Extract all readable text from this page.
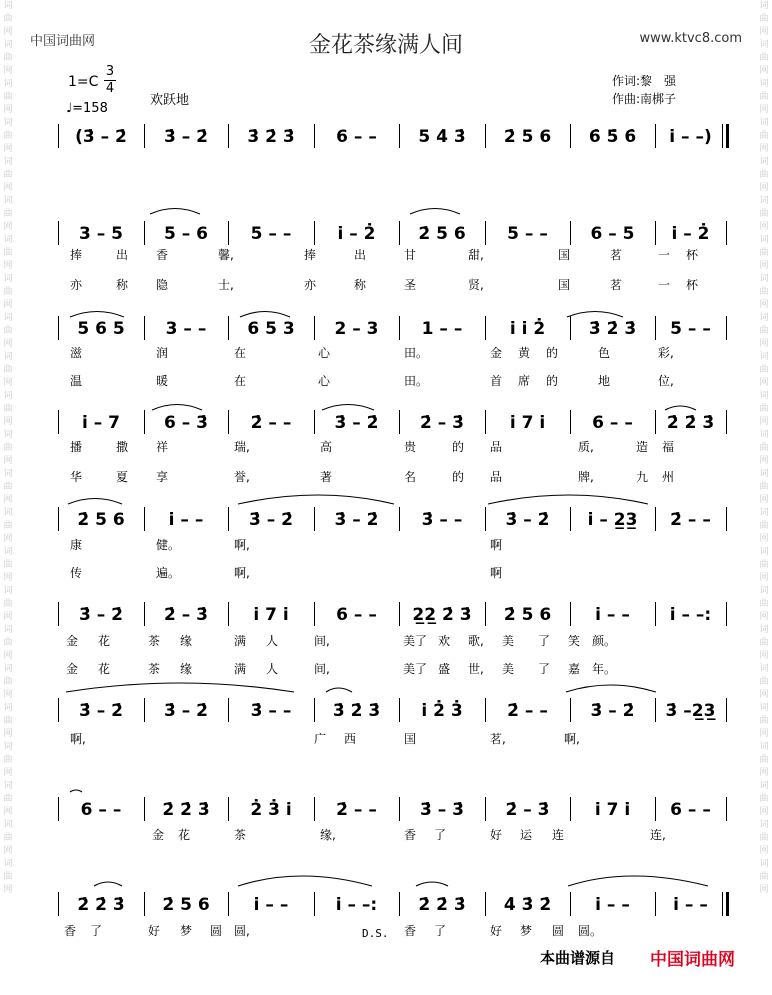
词曲网词曲网词曲网词曲网词曲网词曲网词曲网词曲网词曲网词曲网词曲网词曲网词曲网词曲网词曲网词曲网词曲网词曲网词曲网词曲网词曲网词曲网词曲网
词曲网词曲网词曲网词曲网词曲网词曲网词曲网词曲网词曲网词曲网词曲网词曲网词曲网词曲网词曲网词曲网词曲网词曲网词曲网词曲网词曲网词曲网词曲网
中国词曲网	www.ktvc8.com
金花茶缘满人间
1=C
3
4
♩=158
欢跃地
作词:黎　强
作曲:南梆子
(3̇ – 2̇	3̇ – 2̇	3̇ 2̇ 3̇	6 – –	5 4̇ 3̇	2̇ 5 6	6̇ 5̇ 6̇	i – –)
3 – 5	5 – 6	5 – –	i – 2̇	2̇ 5 6	5 – –	6 – 5	i – 2̇
5 6 5	3 – –	6 5 3	2 – 3	1 – –	i i 2̇	3̇ 2̇ 3̇	5 – –
i – 7	6 – 3̇	2̇ – –	3̇ – 2̇	2̇ – 3̇	i 7 i	6 – –	2̇ 2̇ 3̇
2̇ 5 6	i – –	3̇ – 2̇	3̇ – 2̇	3̇ – –	3̇ – 2̇	i – 2̲3̲	2̇ – –
3̇ – 2̇	2̇ – 3̇	i 7 i	6 – –	2̲2̲ 2̇ 3̇	2̇ 5 6	i – –	i – –:
3̇ – 2̇	3̇ – 2̇	3̇ – –	3̇ 2̇ 3̇	i 2̇ 3̇	2̇ – –	3̇ – 2̇	3̇ –2̲3̲
6 – –	2̇ 2̇ 3̇	2̇ 3̇ i	2̇ – –	3̇ – 3̇	2̇ – 3̇	i 7 i	6 – –
2̇ 2̇ 3̇	2̇ 5 6	i – –	i – –:	2̇ 2̇ 3̇	4̇ 3̇ 2̇	i – –	i – –
捧	出 香	馨,	捧	出	甘	甜,	国	茗	一 杯
亦	称 隐	士,	亦	称	圣	贤,	国	茗	一 杯
滋	润	在	心	田。	金 黄 的	色	彩,
温	暖	在	心	田。	首 席 的	地	位,
播	撒 祥	瑞,	高	贵	的 品	质,	造 福
华	夏 享	誉,	著	名	的 品	牌,	九 州
康	健。	啊,	啊
传	遍。	啊,	啊
金 花	茶 缘	满 人	间,	美了 欢 歌, 美 了 笑 颜。
金 花	茶 缘	满 人	间,	美了 盛 世, 美 了 嘉 年。
啊,	广 西	国	茗,	啊,
金 花	茶	缘,	香 了	好 运 连	连,
香 了	好 梦 圆 圆,	香 了	好 梦 圆 圆。
D.S.
本曲谱源自 中国词曲网
